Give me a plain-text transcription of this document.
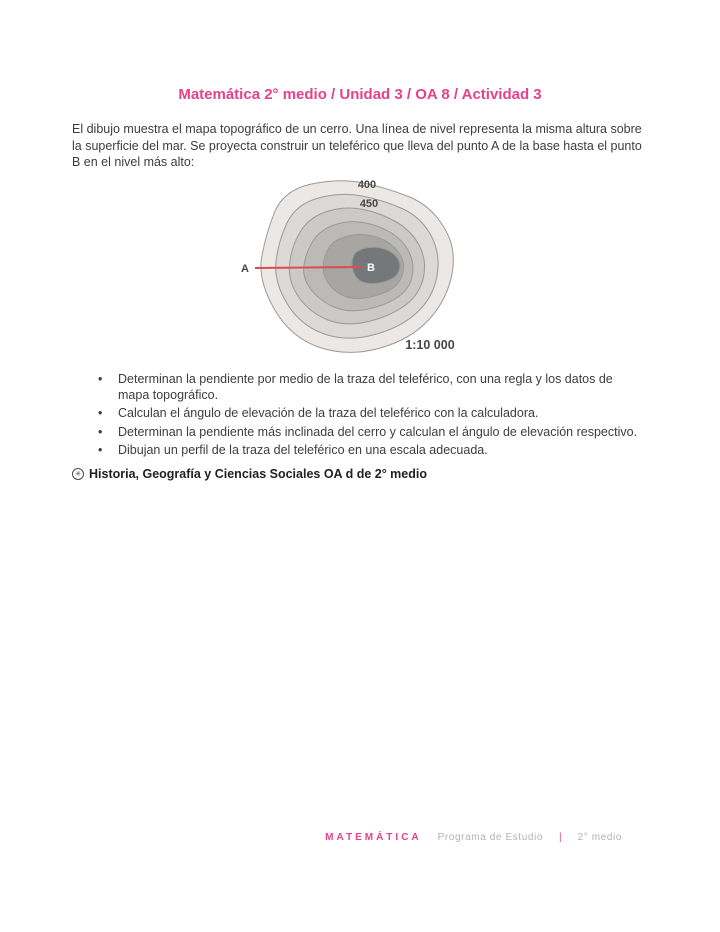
Matemática 2° medio / Unidad 3 / OA 8 / Actividad 3
El dibujo muestra el mapa topográfico de un cerro. Una línea de nivel representa la misma altura sobre la superficie del mar. Se proyecta construir un teleférico que lleva del punto A de la base hasta el punto B en el nivel más alto:
400
450
A	B
1:10 000
• Determinan la pendiente por medio de la traza del teleférico, con una regla y los datos de mapa topográfico.
• Calculan el ángulo de elevación de la traza del teleférico con la calculadora.
• Determinan la pendiente más inclinada del cerro y calculan el ángulo de elevación respectivo.
• Dibujan un perfil de la traza del teleférico en una escala adecuada.
✳ Historia, Geografía y Ciencias Sociales OA d de 2° medio
MATEMÁTICA Programa de Estudio | 2° medio
